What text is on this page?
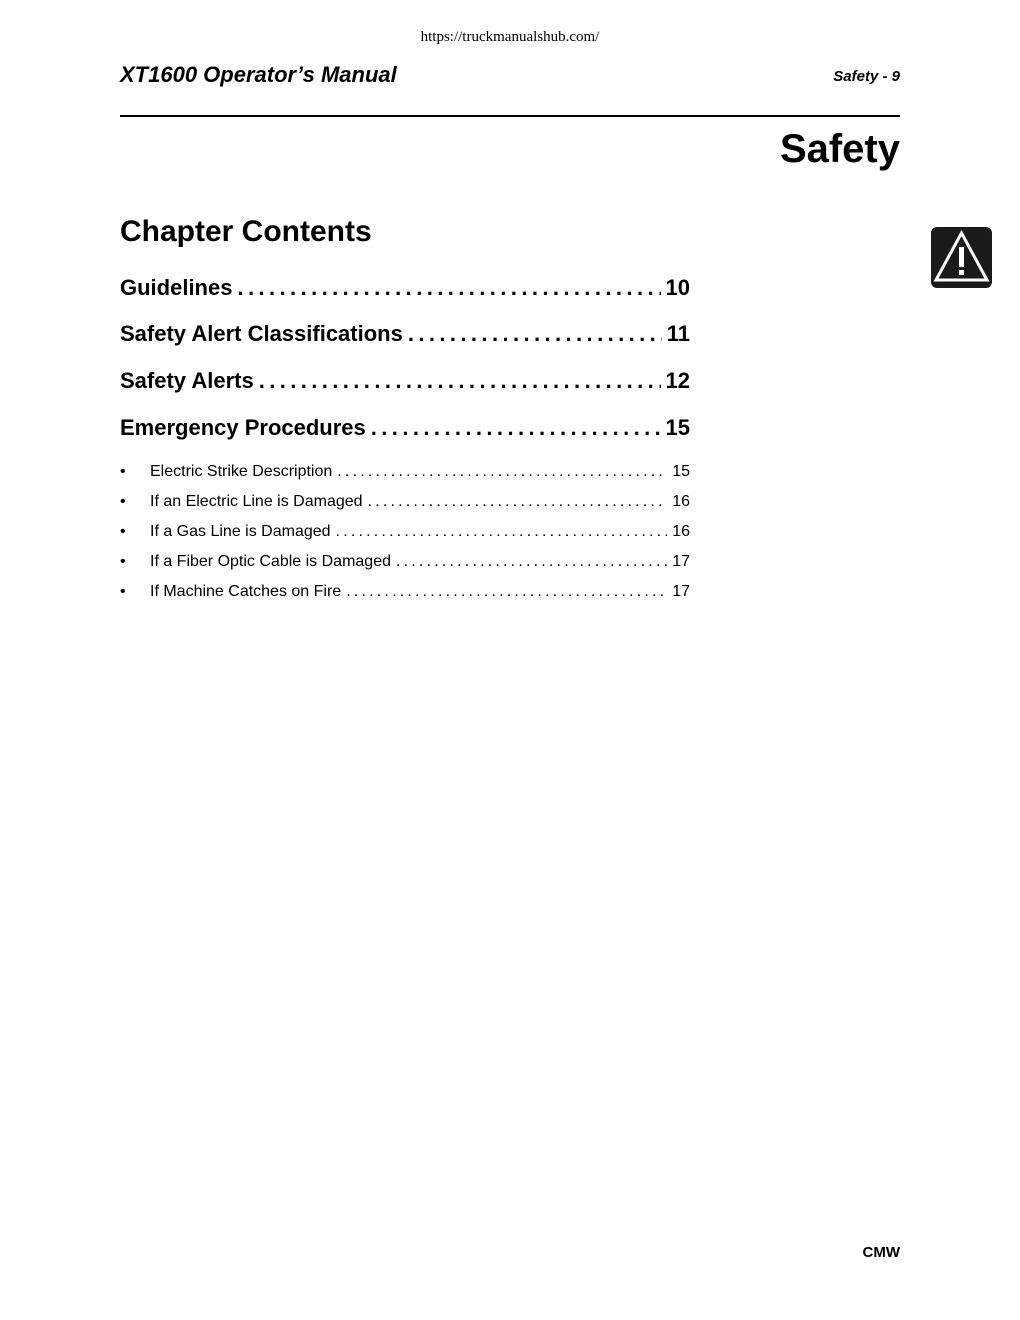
https://truckmanualshub.com/
XT1600 Operator’s Manual	Safety - 9
Safety
Chapter Contents
Guidelines .....	10
Safety Alert Classifications .....	11
Safety Alerts .....	12
Emergency Procedures .....	15
•	Electric Strike Description .....	15
•	If an Electric Line is Damaged .....	16
•	If a Gas Line is Damaged .....	16
•	If a Fiber Optic Cable is Damaged .....	17
•	If Machine Catches on Fire .....	17
CMW
